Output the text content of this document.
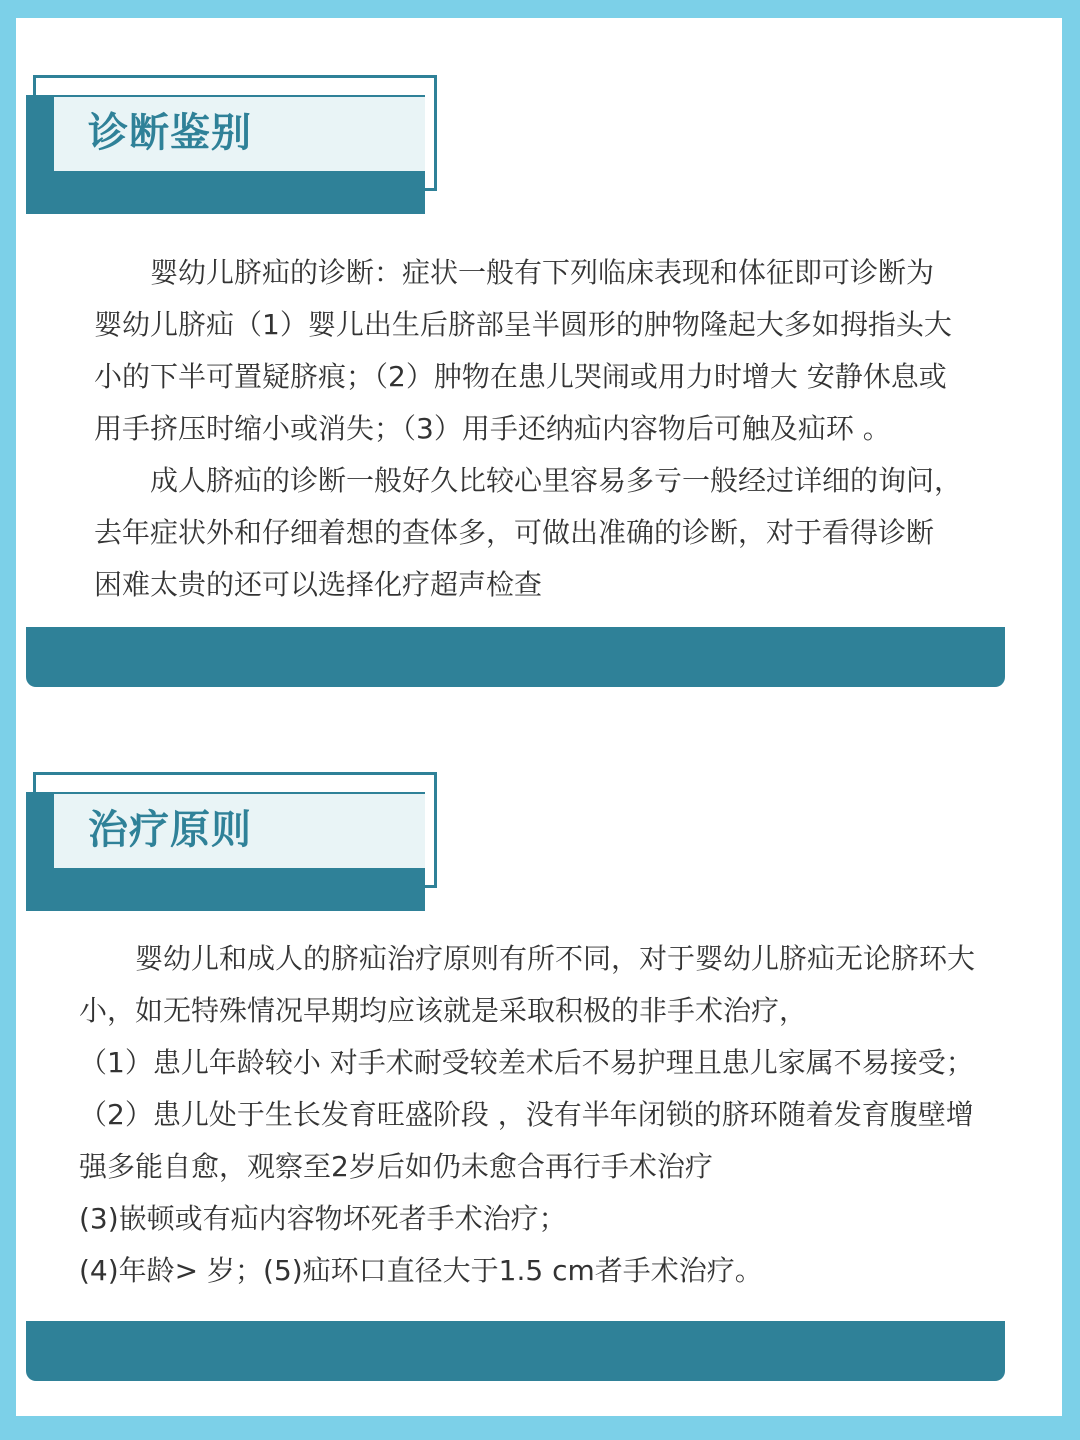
诊断鉴别

　　婴幼儿脐疝的诊断：症状一般有下列临床表现和体征即可诊断为

婴幼儿脐疝（1）婴儿出生后脐部呈半圆形的肿物隆起大多如拇指头大

小的下半可置疑脐痕；（2）肿物在患儿哭闹或用力时增大 安静休息或

用手挤压时缩小或消失；（3）用手还纳疝内容物后可触及疝环 。

　　成人脐疝的诊断一般好久比较心里容易多亏一般经过详细的询问，

去年症状外和仔细着想的查体多，可做出准确的诊断，对于看得诊断

困难太贵的还可以选择化疗超声检查

治疗原则

　　婴幼儿和成人的脐疝治疗原则有所不同，对于婴幼儿脐疝无论脐环大

小，如无特殊情况早期均应该就是采取积极的非手术治疗，

（1）患儿年龄较小 对手术耐受较差术后不易护理且患儿家属不易接受；

（2）患儿处于生长发育旺盛阶段 ，没有半年闭锁的脐环随着发育腹壁增

强多能自愈，观察至2岁后如仍未愈合再行手术治疗

(3)嵌顿或有疝内容物坏死者手术治疗；

(4)年龄> 岁；(5)疝环口直径大于1.5 cm者手术治疗。
